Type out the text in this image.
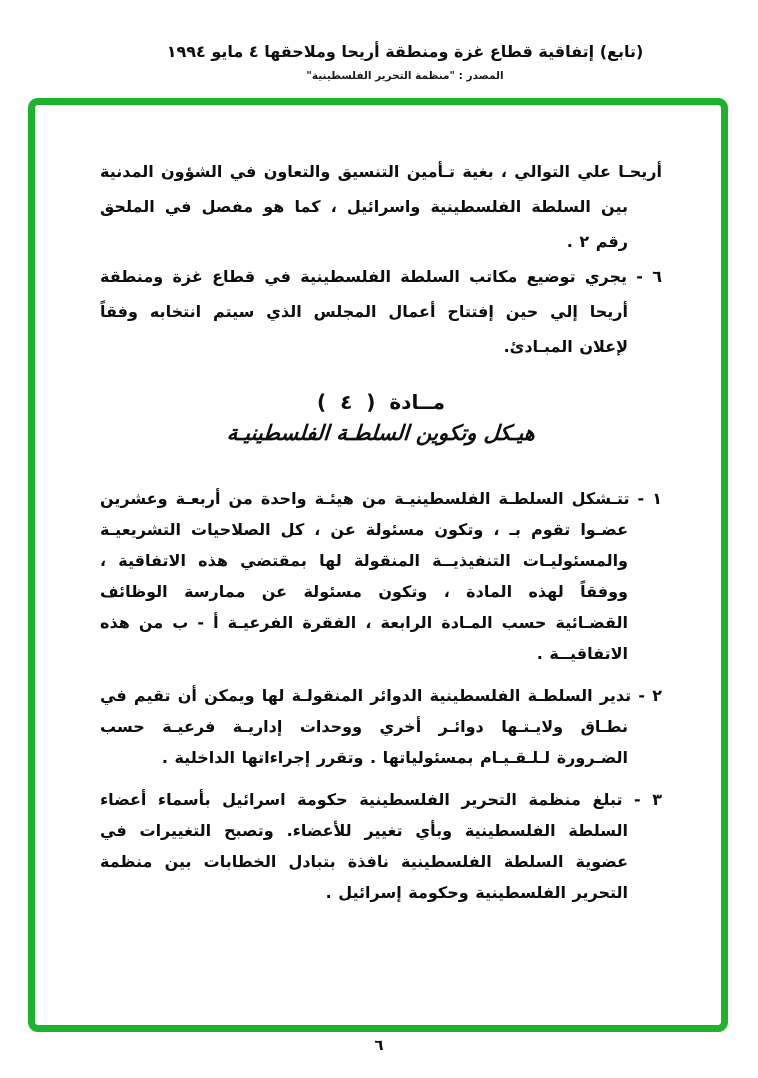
(تابع) إتفاقية قطاع غزة ومنطقة أريحا وملاحقها ٤ مايو ١٩٩٤
المصدر : "منظمة التحرير الفلسطينية"

أريحـا علي التوالي ، بغية تـأمين التنسيق والتعاون في الشؤون المدنية بين السلطة الفلسطينية واسرائيل ، كما هو مفصل في الملحق رقم ٢ .

٦ - يجري توضيع مكاتب السلطة الفلسطينية في قطاع غزة ومنطقة أريحا إلي حين إفتتاح أعمال المجلس الذي سيتم انتخابه وفقاً لإعلان المبـادئ.

مــادة ( ٤ )
هيـكل وتكوين السلطـة الفلسطينيـة

١ - تتـشكل السلطـة الفلسطينيـة من هيئـة واحدة من أربعـة وعشرين عضـوا تقوم بـ ، وتكون مسئولة عن ، كل الصلاحيات التشريعيـة والمسئوليـات التنفيذيــة المنقولة لها بمقتضي هذه الاتفاقية ، ووفقاً لهذه المادة ، وتكون مسئولة عن ممارسة الوظائف القضـائية حسب المـادة الرابعة ، الفقرة الفرعيـة أ - ب من هذه الاتفاقيــة .

٢ - تدير السلطـة الفلسطينية الدوائر المنقولـة لها ويمكن أن تقيم في نطـاق ولايـتـها دوائـر أخري ووحدات إداريـة فرعيـة حسب الضـرورة لـلـقـيـام بمسئولياتها . وتقرر إجراءاتها الداخلية .

٣ - تبلغ منظمة التحرير الفلسطينية حكومة اسرائيل بأسماء أعضاء السلطة الفلسطينية وبأي تغيير للأعضاء. وتصبح التغييرات في عضوية السلطة الفلسطينية نافذة بتبادل الخطابات بين منظمة التحرير الفلسطينية وحكومة إسرائيل .

٦
